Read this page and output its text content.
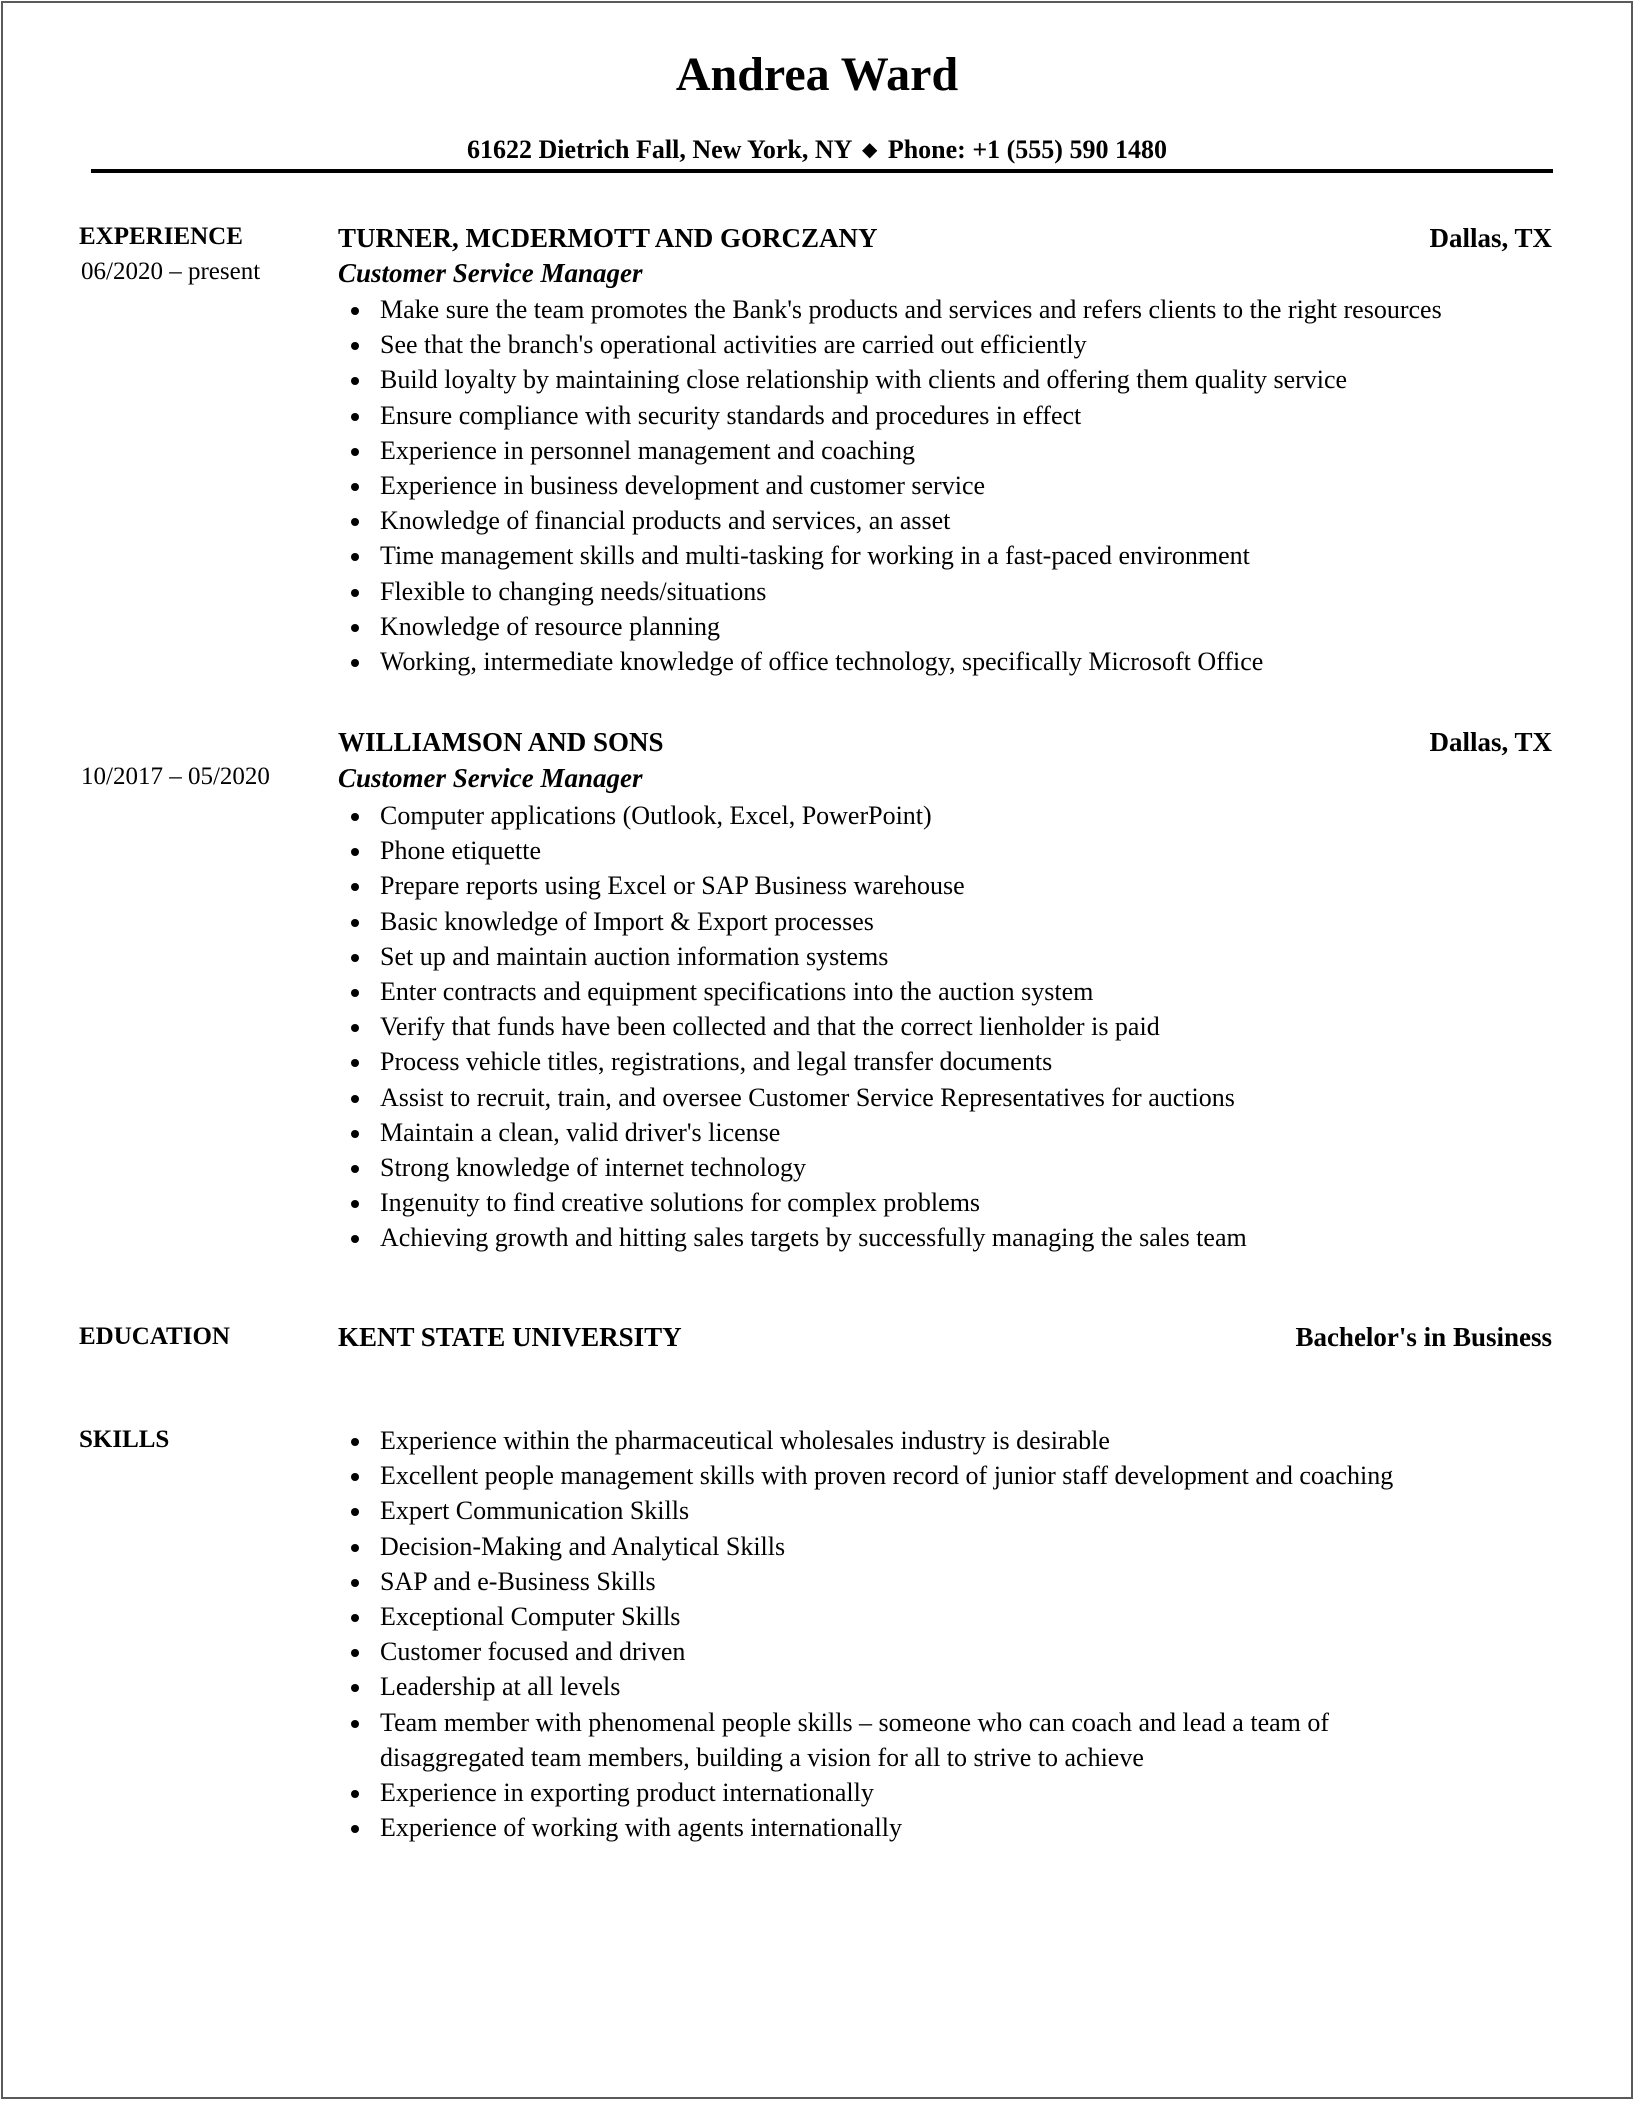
Andrea Ward
61622 Dietrich Fall, New York, NY ◆ Phone: +1 (555) 590 1480
EXPERIENCE
06/2020 – present
TURNER, MCDERMOTT AND GORCZANY	Dallas, TX
Customer Service Manager
Make sure the team promotes the Bank's products and services and refers clients to the right resources
See that the branch's operational activities are carried out efficiently
Build loyalty by maintaining close relationship with clients and offering them quality service
Ensure compliance with security standards and procedures in effect
Experience in personnel management and coaching
Experience in business development and customer service
Knowledge of financial products and services, an asset
Time management skills and multi-tasking for working in a fast-paced environment
Flexible to changing needs/situations
Knowledge of resource planning
Working, intermediate knowledge of office technology, specifically Microsoft Office
10/2017 – 05/2020
WILLIAMSON AND SONS	Dallas, TX
Customer Service Manager
Computer applications (Outlook, Excel, PowerPoint)
Phone etiquette
Prepare reports using Excel or SAP Business warehouse
Basic knowledge of Import & Export processes
Set up and maintain auction information systems
Enter contracts and equipment specifications into the auction system
Verify that funds have been collected and that the correct lienholder is paid
Process vehicle titles, registrations, and legal transfer documents
Assist to recruit, train, and oversee Customer Service Representatives for auctions
Maintain a clean, valid driver's license
Strong knowledge of internet technology
Ingenuity to find creative solutions for complex problems
Achieving growth and hitting sales targets by successfully managing the sales team
EDUCATION	KENT STATE UNIVERSITY	Bachelor's in Business
SKILLS	Experience within the pharmaceutical wholesales industry is desirable
Excellent people management skills with proven record of junior staff development and coaching
Expert Communication Skills
Decision-Making and Analytical Skills
SAP and e-Business Skills
Exceptional Computer Skills
Customer focused and driven
Leadership at all levels
Team member with phenomenal people skills – someone who can coach and lead a team of disaggregated team members, building a vision for all to strive to achieve
Experience in exporting product internationally
Experience of working with agents internationally
